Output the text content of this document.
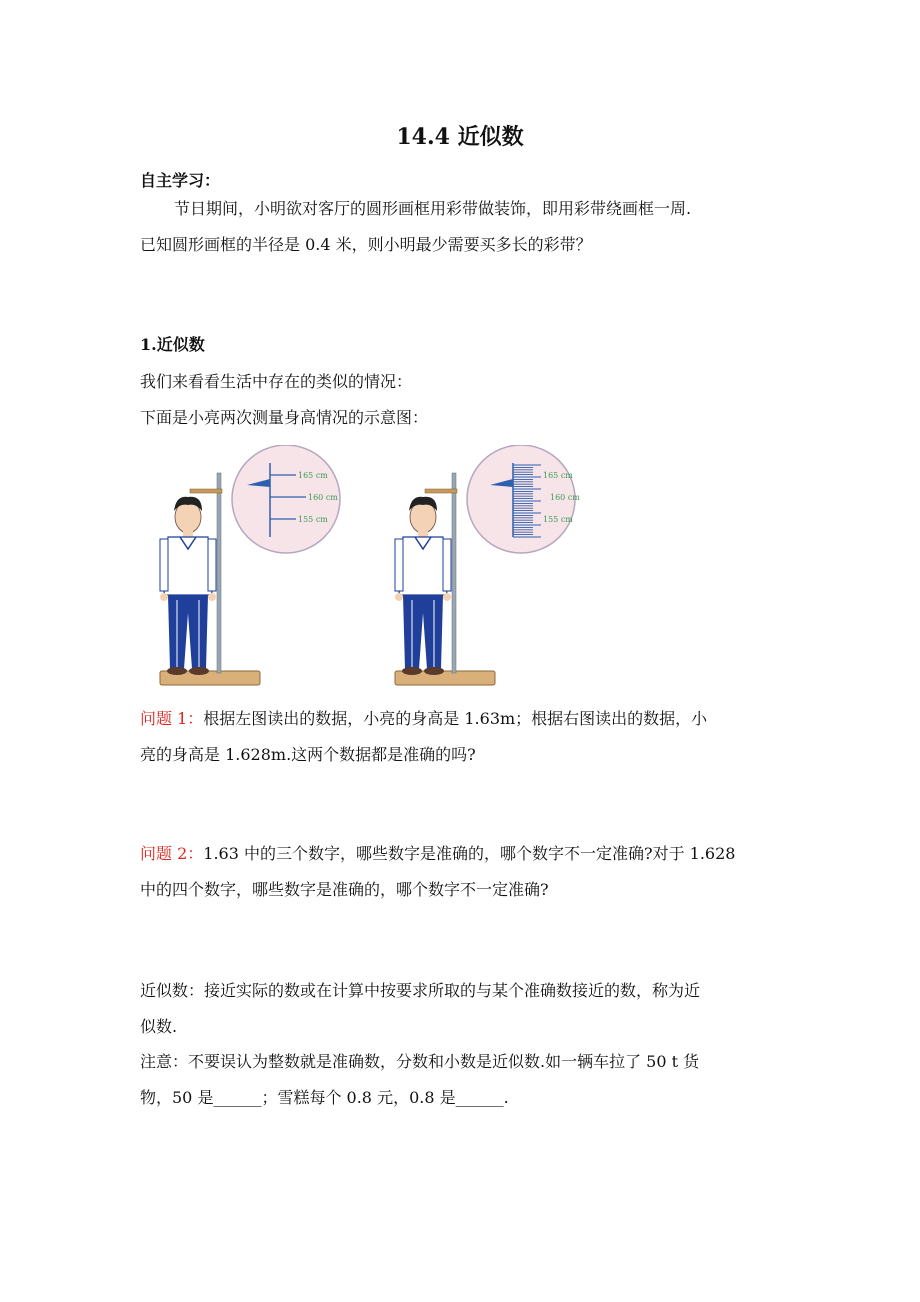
14.4 近似数
自主学习：
节日期间，小明欲对客厅的圆形画框用彩带做装饰，即用彩带绕画框一周.
已知圆形画框的半径是 0.4 米，则小明最少需要买多长的彩带？
1.近似数
我们来看看生活中存在的类似的情况：
下面是小亮两次测量身高情况的示意图：
165 cm
160 cm
155 cm
165 cm
160 cm
155 cm
问题 1：根据左图读出的数据，小亮的身高是 1.63m；根据右图读出的数据，小
亮的身高是 1.628m.这两个数据都是准确的吗?
问题 2：1.63 中的三个数字，哪些数字是准确的，哪个数字不一定准确?对于 1.628
中的四个数字，哪些数字是准确的，哪个数字不一定准确?
近似数：接近实际的数或在计算中按要求所取的与某个准确数接近的数，称为近
似数.
注意：不要误认为整数就是准确数，分数和小数是近似数.如一辆车拉了 50 t 货
物，50 是______；雪糕每个 0.8 元，0.8 是______.
